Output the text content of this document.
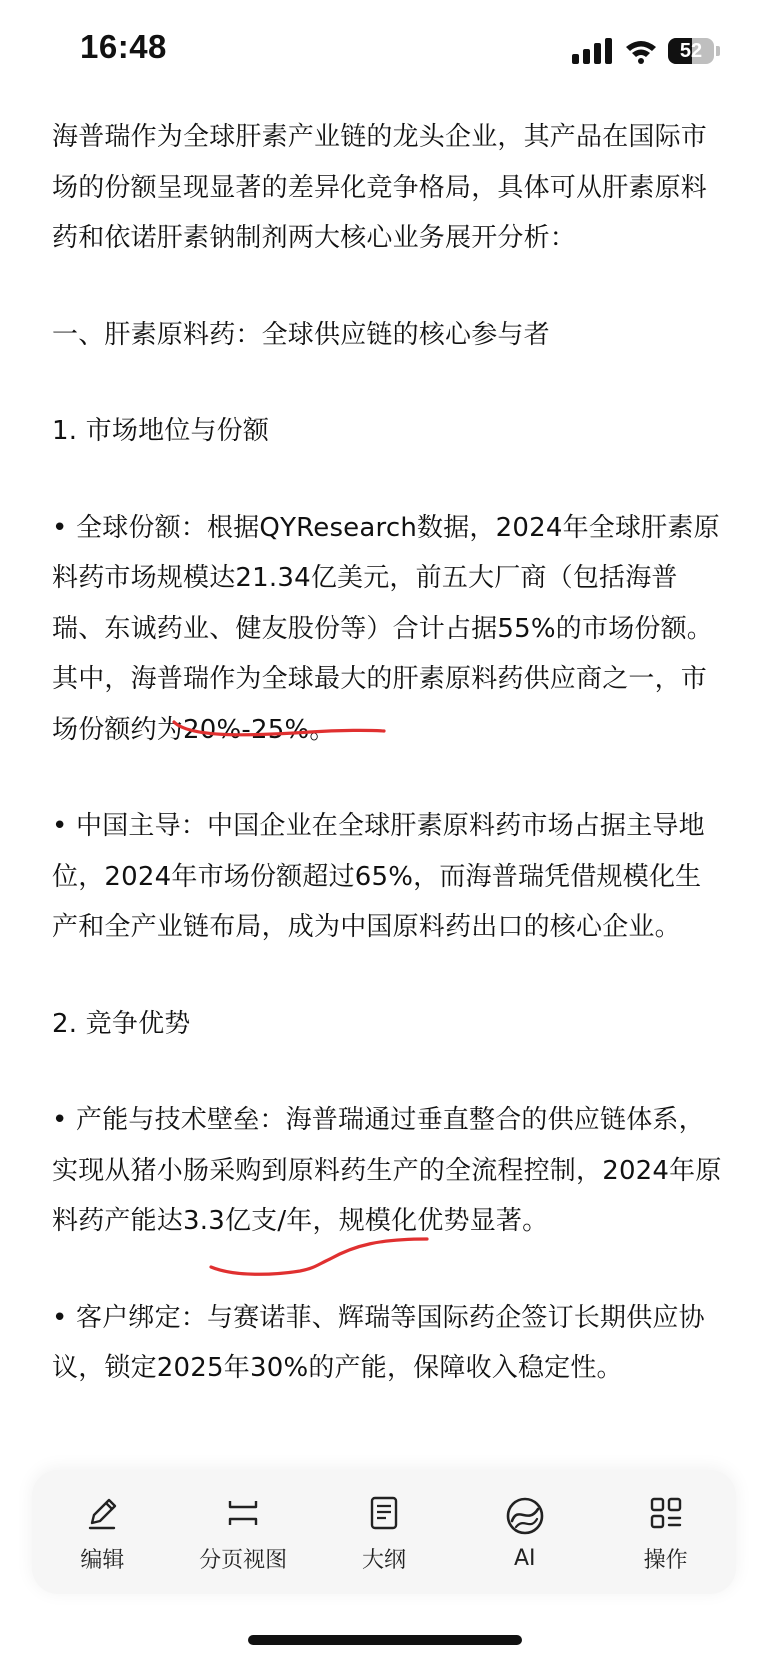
16:48	52

海普瑞作为全球肝素产业链的龙头企业，其产品在国际市场的份额呈现显著的差异化竞争格局，具体可从肝素原料药和依诺肝素钠制剂两大核心业务展开分析：

一、肝素原料药：全球供应链的核心参与者

1. 市场地位与份额

• 全球份额：根据QYResearch数据，2024年全球肝素原料药市场规模达21.34亿美元，前五大厂商（包括海普瑞、东诚药业、健友股份等）合计占据55%的市场份额。其中，海普瑞作为全球最大的肝素原料药供应商之一，市场份额约为20%-25%。

• 中国主导：中国企业在全球肝素原料药市场占据主导地位，2024年市场份额超过65%，而海普瑞凭借规模化生产和全产业链布局，成为中国原料药出口的核心企业。

2. 竞争优势

• 产能与技术壁垒：海普瑞通过垂直整合的供应链体系，实现从猪小肠采购到原料药生产的全流程控制，2024年原料药产能达3.3亿支/年，规模化优势显著。

• 客户绑定：与赛诺菲、辉瑞等国际药企签订长期供应协议，锁定2025年30%的产能，保障收入稳定性。

编辑	分页视图	大纲	AI	操作
